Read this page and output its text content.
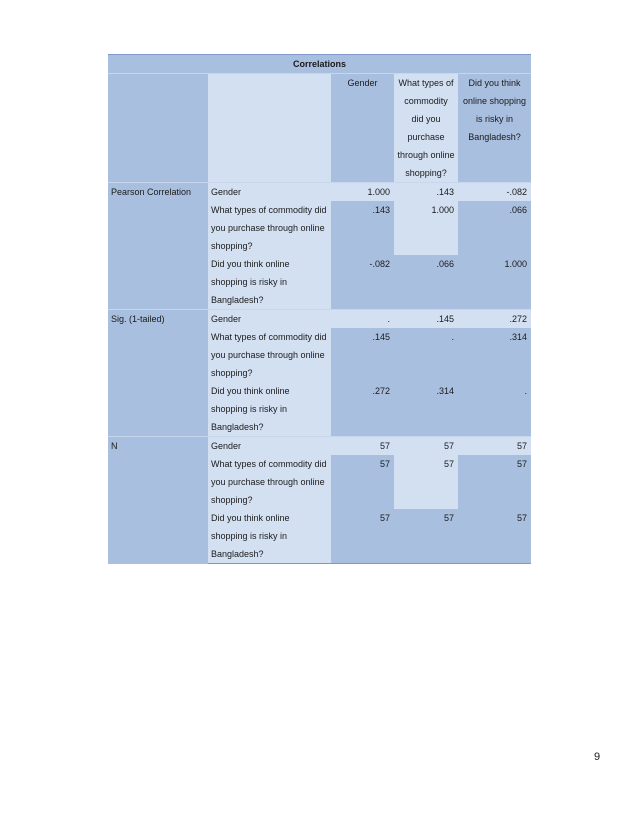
Correlations				
		Gender	What types of commodity did you purchase through online shopping?	Did you think online shopping is risky in Bangladesh?
Pearson Correlation	Gender	1.000	.143	-.082
	What types of commodity did you purchase through online shopping?	.143	1.000	.066
	Did you think online shopping is risky in Bangladesh?	-.082	.066	1.000
Sig. (1-tailed)	Gender	.	.145	.272
	What types of commodity did you purchase through online shopping?	.145	.	.314
	Did you think online shopping is risky in Bangladesh?	.272	.314	.
N	Gender	57	57	57
	What types of commodity did you purchase through online shopping?	57	57	57
	Did you think online shopping is risky in Bangladesh?	57	57	57
9
